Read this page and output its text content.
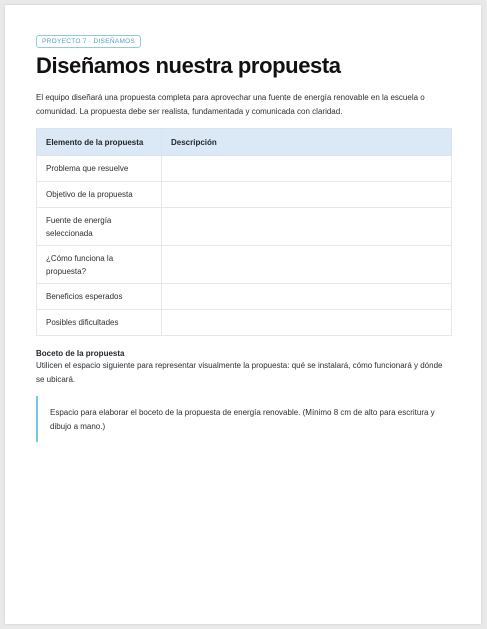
PROYECTO 7 · DISEÑAMOS
Diseñamos nuestra propuesta

El equipo diseñará una propuesta completa para aprovechar una fuente de energía renovable en la escuela o comunidad. La propuesta debe ser realista, fundamentada y comunicada con claridad.

Elemento de la propuesta	Descripción
Problema que resuelve	
Objetivo de la propuesta	
Fuente de energía seleccionada	
¿Cómo funciona la propuesta?	
Beneficios esperados	
Posibles dificultades	
Boceto de la propuesta
Utilicen el espacio siguiente para representar visualmente la propuesta: qué se instalará, cómo funcionará y dónde se ubicará.
Espacio para elaborar el boceto de la propuesta de energía renovable. (Mínimo 8 cm de alto para escritura y dibujo a mano.)
